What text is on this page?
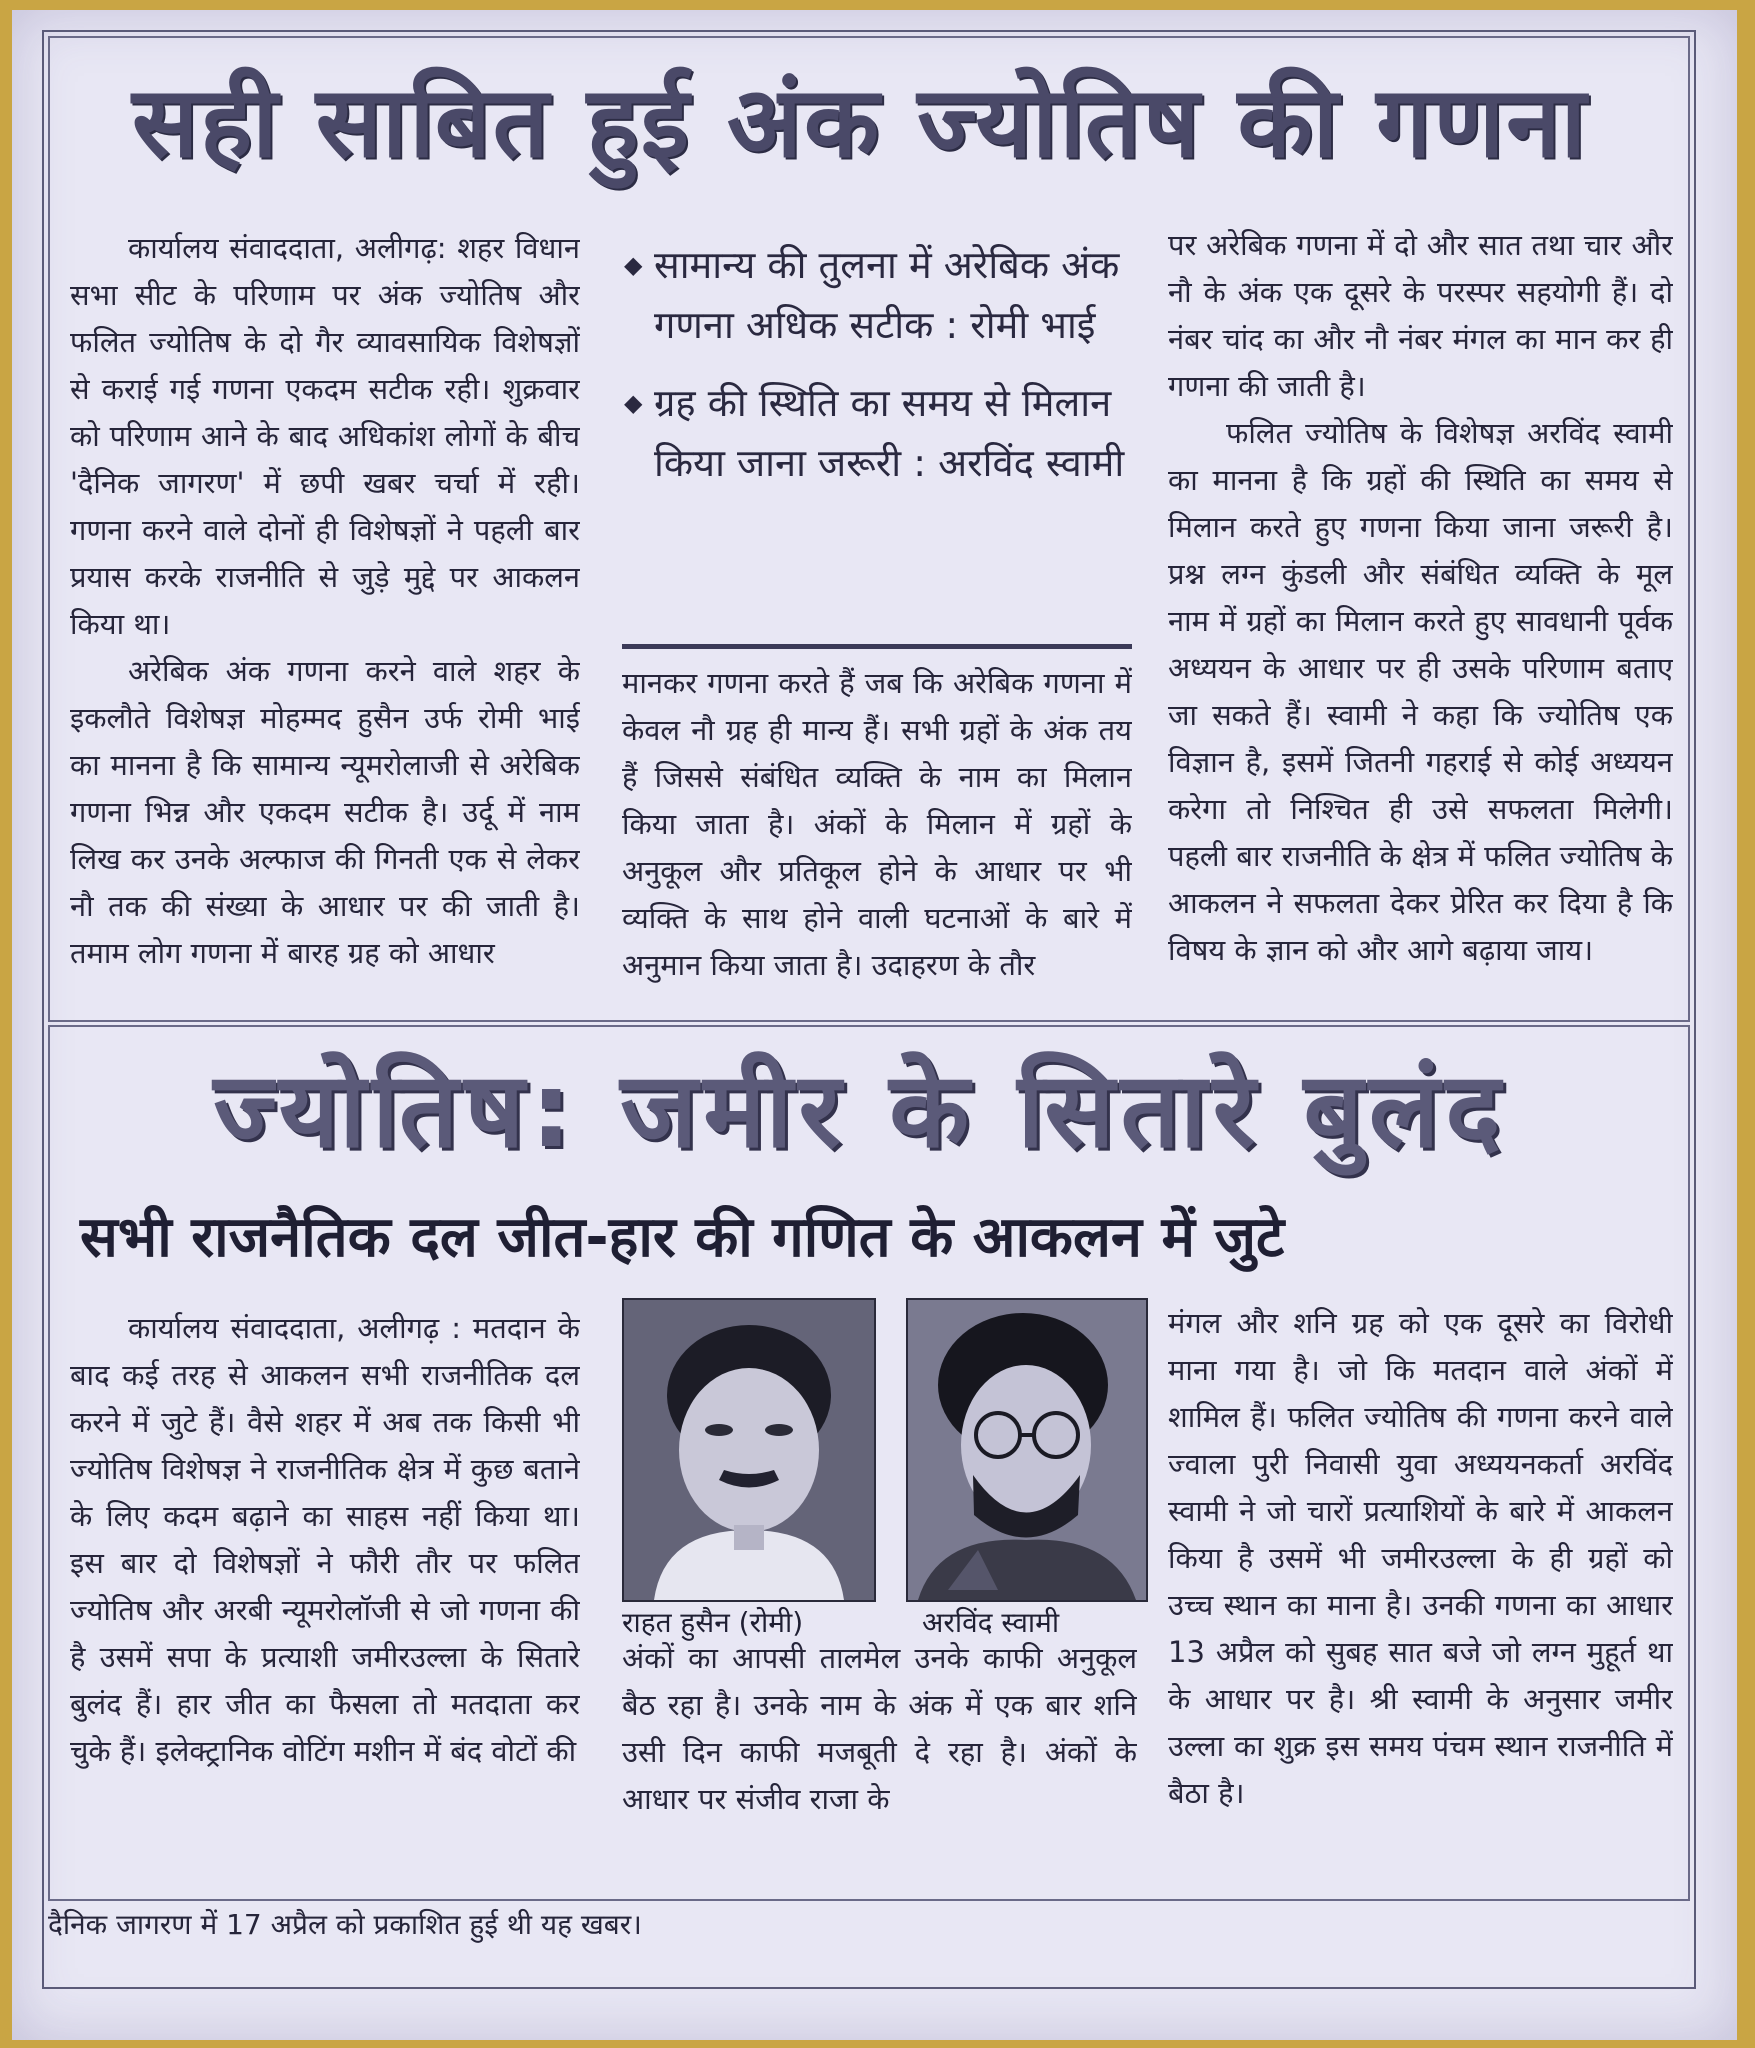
सही साबित हुई अंक ज्योतिष की गणना

कार्यालय संवाददाता, अलीगढ़: शहर विधान सभा सीट के परिणाम पर अंक ज्योतिष और फलित ज्योतिष के दो गैर व्यावसायिक विशेषज्ञों से कराई गई गणना एकदम सटीक रही। शुक्रवार को परिणाम आने के बाद अधिकांश लोगों के बीच 'दैनिक जागरण' में छपी खबर चर्चा में रही। गणना करने वाले दोनों ही विशेषज्ञों ने पहली बार प्रयास करके राजनीति से जुड़े मुद्दे पर आकलन किया था।

अरेबिक अंक गणना करने वाले शहर के इकलौते विशेषज्ञ मोहम्मद हुसैन उर्फ रोमी भाई का मानना है कि सामान्य न्यूमरोलाजी से अरेबिक गणना भिन्न और एकदम सटीक है। उर्दू में नाम लिख कर उनके अल्फाज की गिनती एक से लेकर नौ तक की संख्या के आधार पर की जाती है। तमाम लोग गणना में बारह ग्रह को आधार

◆ सामान्य की तुलना में अरेबिक अंक गणना अधिक सटीक : रोमी भाई
◆ ग्रह की स्थिति का समय से मिलान किया जाना जरूरी : अरविंद स्वामी

मानकर गणना करते हैं जब कि अरेबिक गणना में केवल नौ ग्रह ही मान्य हैं। सभी ग्रहों के अंक तय हैं जिससे संबंधित व्यक्ति के नाम का मिलान किया जाता है। अंकों के मिलान में ग्रहों के अनुकूल और प्रतिकूल होने के आधार पर भी व्यक्ति के साथ होने वाली घटनाओं के बारे में अनुमान किया जाता है। उदाहरण के तौर

पर अरेबिक गणना में दो और सात तथा चार और नौ के अंक एक दूसरे के परस्पर सहयोगी हैं। दो नंबर चांद का और नौ नंबर मंगल का मान कर ही गणना की जाती है।

फलित ज्योतिष के विशेषज्ञ अरविंद स्वामी का मानना है कि ग्रहों की स्थिति का समय से मिलान करते हुए गणना किया जाना जरूरी है। प्रश्न लग्न कुंडली और संबंधित व्यक्ति के मूल नाम में ग्रहों का मिलान करते हुए सावधानी पूर्वक अध्ययन के आधार पर ही उसके परिणाम बताए जा सकते हैं। स्वामी ने कहा कि ज्योतिष एक विज्ञान है, इसमें जितनी गहराई से कोई अध्ययन करेगा तो निश्चित ही उसे सफलता मिलेगी। पहली बार राजनीति के क्षेत्र में फलित ज्योतिष के आकलन ने सफलता देकर प्रेरित कर दिया है कि विषय के ज्ञान को और आगे बढ़ाया जाय।

ज्योतिष: जमीर के सितारे बुलंद
सभी राजनैतिक दल जीत-हार की गणित के आकलन में जुटे

कार्यालय संवाददाता, अलीगढ़ : मतदान के बाद कई तरह से आकलन सभी राजनीतिक दल करने में जुटे हैं। वैसे शहर में अब तक किसी भी ज्योतिष विशेषज्ञ ने राजनीतिक क्षेत्र में कुछ बताने के लिए कदम बढ़ाने का साहस नहीं किया था। इस बार दो विशेषज्ञों ने फौरी तौर पर फलित ज्योतिष और अरबी न्यूमरोलॉजी से जो गणना की है उसमें सपा के प्रत्याशी जमीरउल्ला के सितारे बुलंद हैं। हार जीत का फैसला तो मतदाता कर चुके हैं। इलेक्ट्रानिक वोटिंग मशीन में बंद वोटों की

राहत हुसैन (रोमी)	अरविंद स्वामी

अंकों का आपसी तालमेल उनके काफी अनुकूल बैठ रहा है। उनके नाम के अंक में एक बार शनि उसी दिन काफी मजबूती दे रहा है। अंकों के आधार पर संजीव राजा के

मंगल और शनि ग्रह को एक दूसरे का विरोधी माना गया है। जो कि मतदान वाले अंकों में शामिल हैं। फलित ज्योतिष की गणना करने वाले ज्वाला पुरी निवासी युवा अध्ययनकर्ता अरविंद स्वामी ने जो चारों प्रत्याशियों के बारे में आकलन किया है उसमें भी जमीरउल्ला के ही ग्रहों को उच्च स्थान का माना है। उनकी गणना का आधार 13 अप्रैल को सुबह सात बजे जो लग्न मुहूर्त था के आधार पर है। श्री स्वामी के अनुसार जमीर उल्ला का शुक्र इस समय पंचम स्थान राजनीति में बैठा है।

दैनिक जागरण में 17 अप्रैल को प्रकाशित हुई थी यह खबर।
